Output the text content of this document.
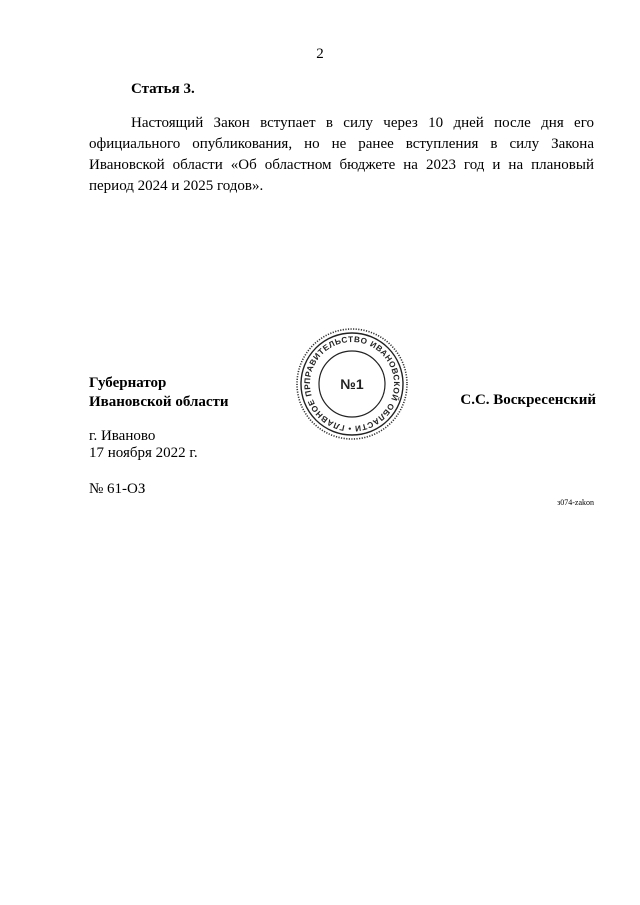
2
Статья 3.

Настоящий Закон вступает в силу через 10 дней после дня его официального опубликования, но не ранее вступления в силу Закона Ивановской области «Об областном бюджете на 2023 год и на плановый период 2024 и 2025 годов».

Губернатор
Ивановской области
ПРАВИТЕЛЬСТВО ИВАНОВСКОЙ ОБЛАСТИ • ГЛАВНОЕ ПР	№1
С.С. Воскресенский
г. Иваново
17 ноября 2022 г.
№ 61-ОЗ
з074-zakon
